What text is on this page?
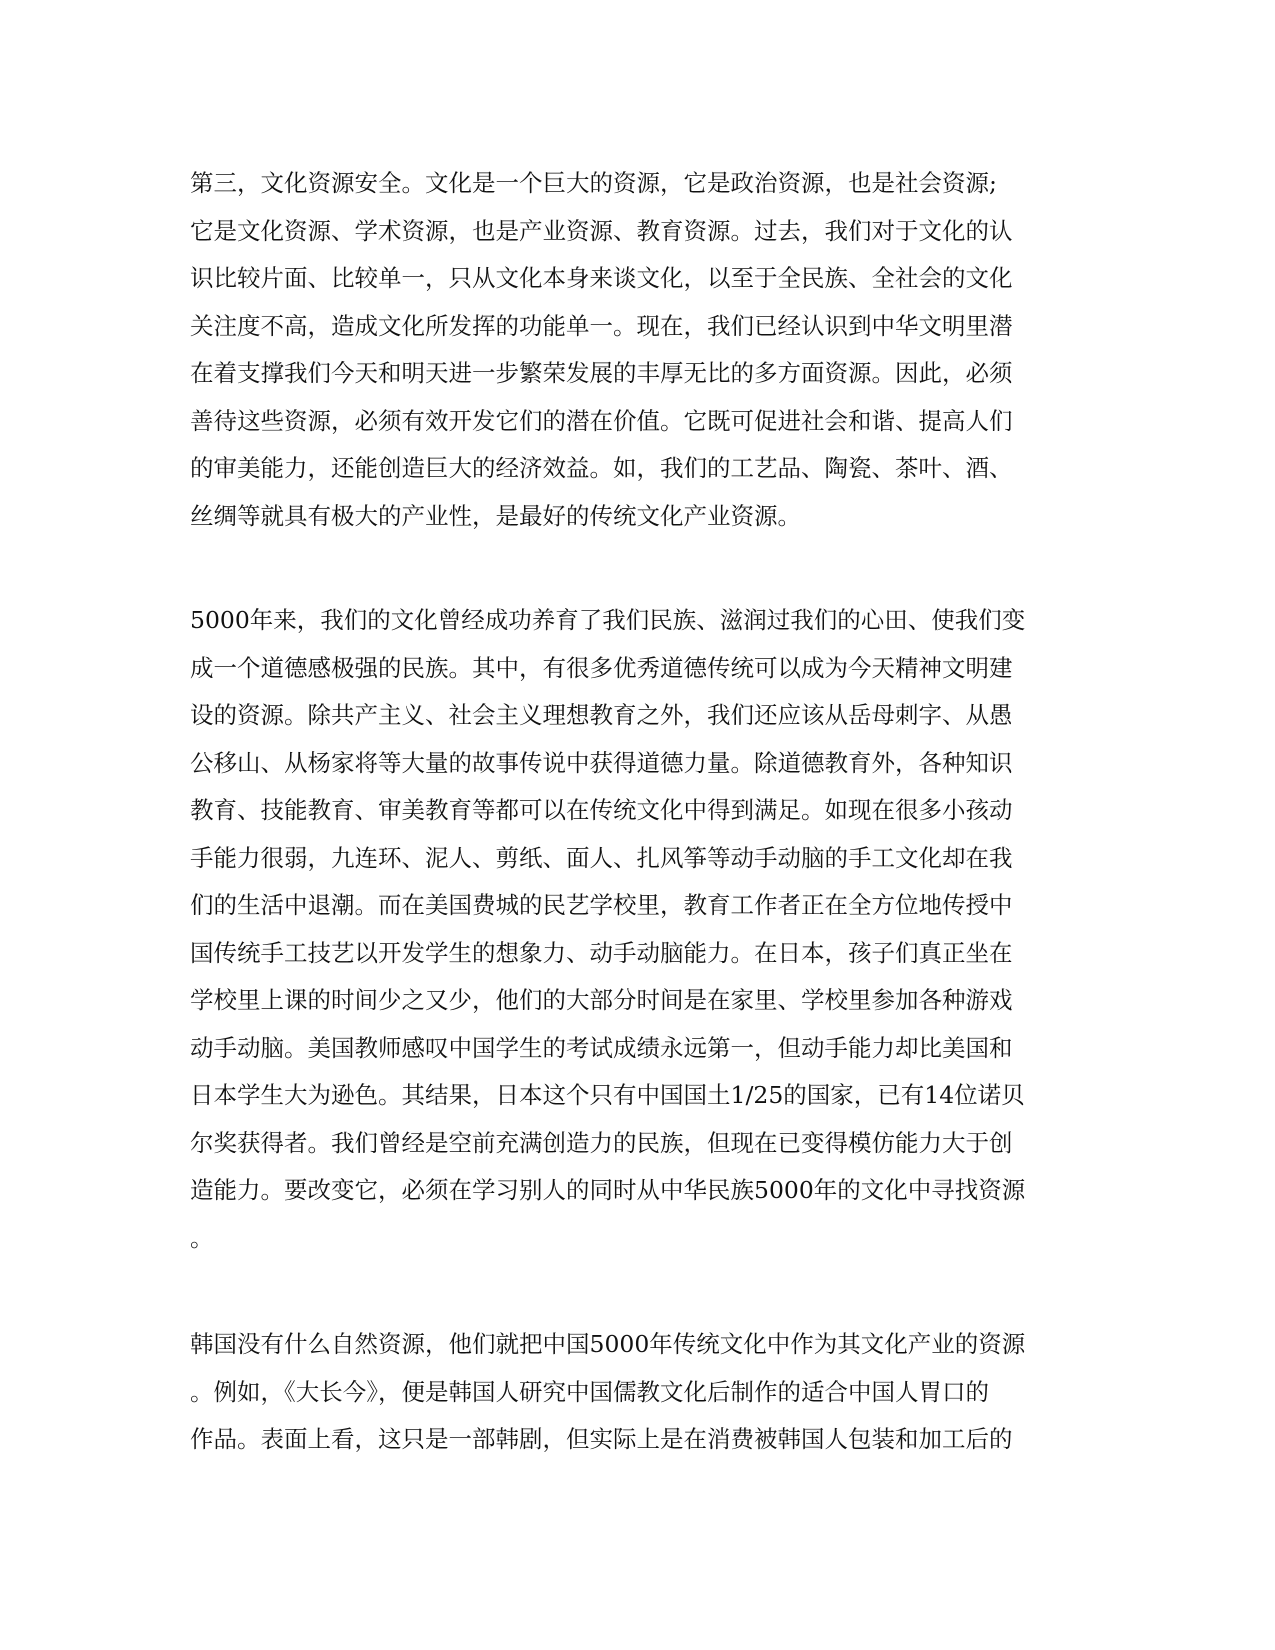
第三，文化资源安全。文化是一个巨大的资源，它是政治资源，也是社会资源;
它是文化资源、学术资源，也是产业资源、教育资源。过去，我们对于文化的认
识比较片面、比较单一，只从文化本身来谈文化，以至于全民族、全社会的文化
关注度不高，造成文化所发挥的功能单一。现在，我们已经认识到中华文明里潜
在着支撑我们今天和明天进一步繁荣发展的丰厚无比的多方面资源。因此，必须
善待这些资源，必须有效开发它们的潜在价值。它既可促进社会和谐、提高人们
的审美能力，还能创造巨大的经济效益。如，我们的工艺品、陶瓷、茶叶、酒、
丝绸等就具有极大的产业性，是最好的传统文化产业资源。
5000年来，我们的文化曾经成功养育了我们民族、滋润过我们的心田、使我们变
成一个道德感极强的民族。其中，有很多优秀道德传统可以成为今天精神文明建
设的资源。除共产主义、社会主义理想教育之外，我们还应该从岳母刺字、从愚
公移山、从杨家将等大量的故事传说中获得道德力量。除道德教育外，各种知识
教育、技能教育、审美教育等都可以在传统文化中得到满足。如现在很多小孩动
手能力很弱，九连环、泥人、剪纸、面人、扎风筝等动手动脑的手工文化却在我
们的生活中退潮。而在美国费城的民艺学校里，教育工作者正在全方位地传授中
国传统手工技艺以开发学生的想象力、动手动脑能力。在日本，孩子们真正坐在
学校里上课的时间少之又少，他们的大部分时间是在家里、学校里参加各种游戏
动手动脑。美国教师感叹中国学生的考试成绩永远第一，但动手能力却比美国和
日本学生大为逊色。其结果，日本这个只有中国国土1/25的国家，已有14位诺贝
尔奖获得者。我们曾经是空前充满创造力的民族，但现在已变得模仿能力大于创
造能力。要改变它，必须在学习别人的同时从中华民族5000年的文化中寻找资源
。
韩国没有什么自然资源，他们就把中国5000年传统文化中作为其文化产业的资源
。例如，《大长今》，便是韩国人研究中国儒教文化后制作的适合中国人胃口的
作品。表面上看，这只是一部韩剧，但实际上是在消费被韩国人包装和加工后的
